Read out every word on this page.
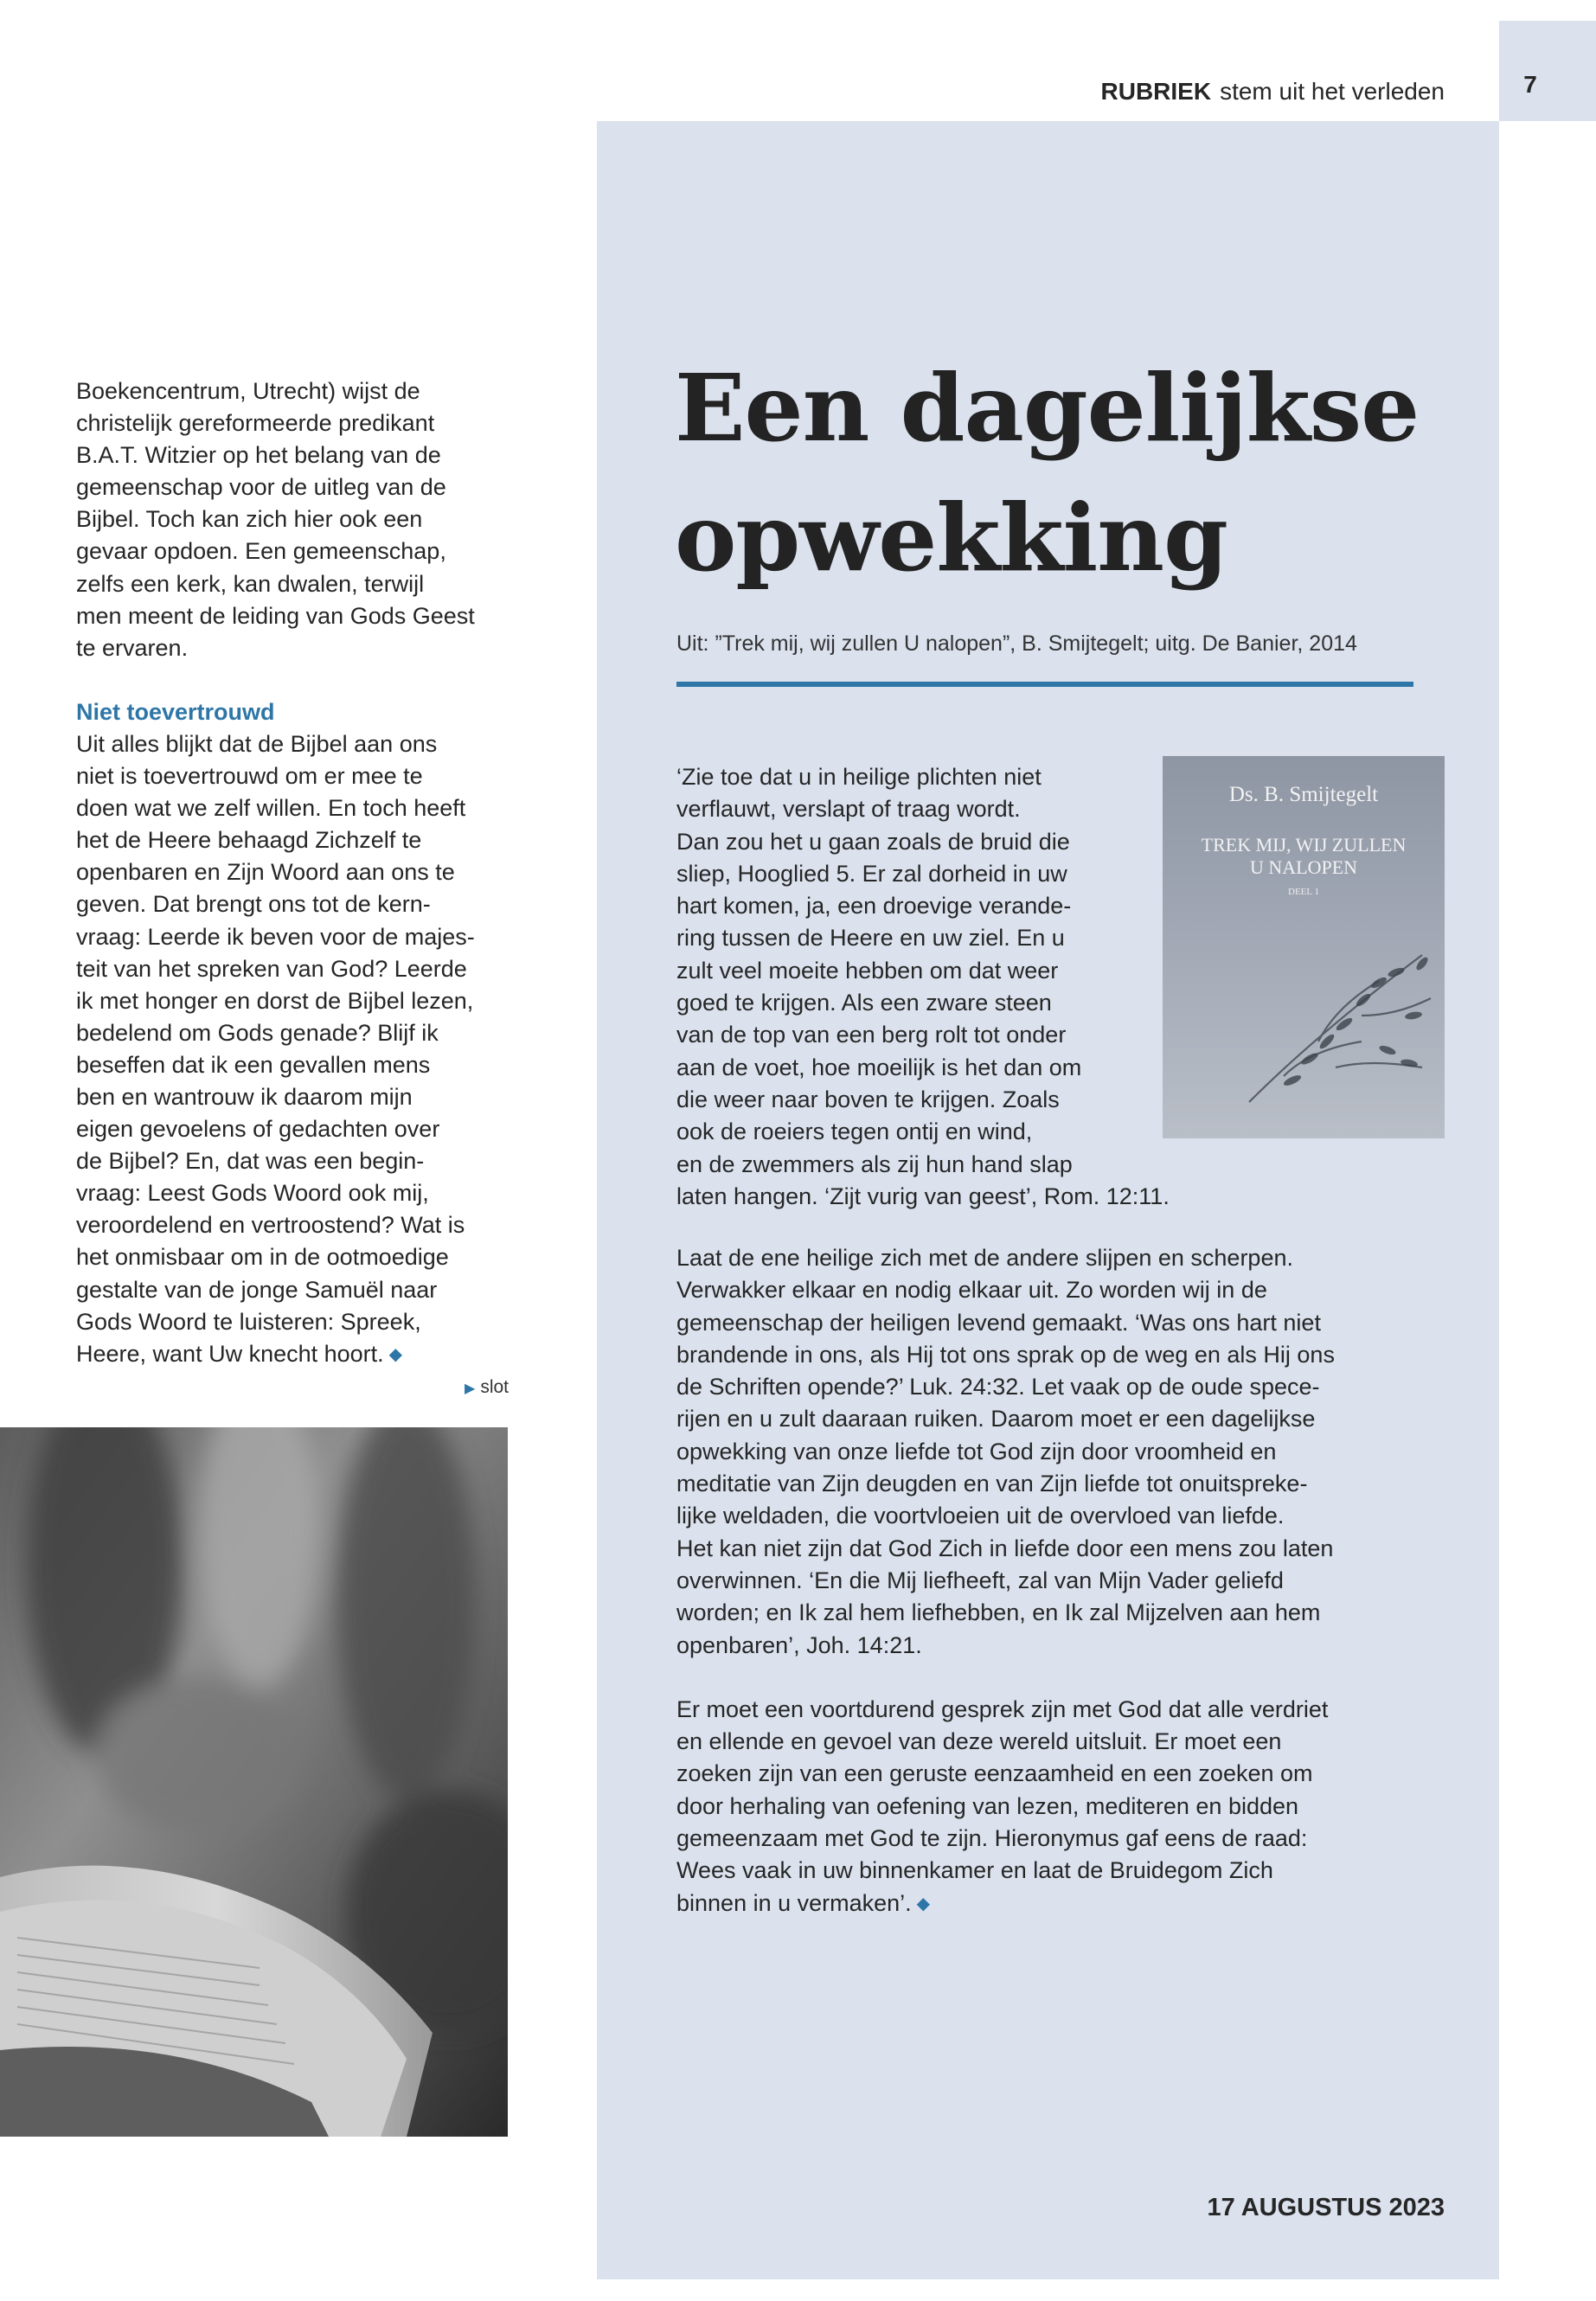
7
RUBRIEK stem uit het verleden

Boekencentrum, Utrecht) wijst de

christelijk gereformeerde predikant

B.A.T. Witzier op het belang van de

gemeenschap voor de uitleg van de

Bijbel. Toch kan zich hier ook een

gevaar opdoen. Een gemeenschap,

zelfs een kerk, kan dwalen, terwijl

men meent de leiding van Gods Geest

te ervaren.

Niet toevertrouwd

Uit alles blijkt dat de Bijbel aan ons

niet is toevertrouwd om er mee te

doen wat we zelf willen. En toch heeft

het de Heere behaagd Zichzelf te

openbaren en Zijn Woord aan ons te

geven. Dat brengt ons tot de kern-

vraag: Leerde ik beven voor de majes-

teit van het spreken van God? Leerde

ik met honger en dorst de Bijbel lezen,

bedelend om Gods genade? Blijf ik

beseffen dat ik een gevallen mens

ben en wantrouw ik daarom mijn

eigen gevoelens of gedachten over

de Bijbel? En, dat was een begin-

vraag: Leest Gods Woord ook mij,

veroordelend en vertroostend? Wat is

het onmisbaar om in de ootmoedige

gestalte van de jonge Samuël naar

Gods Woord te luisteren: Spreek,

Heere, want Uw knecht hoort. ◆

▶ slot
Een dagelijkse
opwekking
Uit: ”Trek mij, wij zullen U nalopen”, B. Smijtegelt; uitg. De Banier, 2014
Ds. B. Smijtegelt
TREK MIJ, WIJ ZULLEN
U NALOPEN
DEEL 1

‘Zie toe dat u in heilige plichten niet

verflauwt, verslapt of traag wordt.

Dan zou het u gaan zoals de bruid die

sliep, Hooglied 5. Er zal dorheid in uw

hart komen, ja, een droevige verande-

ring tussen de Heere en uw ziel. En u

zult veel moeite hebben om dat weer

goed te krijgen. Als een zware steen

van de top van een berg rolt tot onder

aan de voet, hoe moeilijk is het dan om

die weer naar boven te krijgen. Zoals

ook de roeiers tegen ontij en wind,

en de zwemmers als zij hun hand slap

laten hangen. ‘Zijt vurig van geest’, Rom. 12:11.

Laat de ene heilige zich met de andere slijpen en scherpen.
Verwakker elkaar en nodig elkaar uit. Zo worden wij in de
gemeenschap der heiligen levend gemaakt. ‘Was ons hart niet
brandende in ons, als Hij tot ons sprak op de weg en als Hij ons
de Schriften opende?’ Luk. 24:32. Let vaak op de oude spece-
rijen en u zult daaraan ruiken. Daarom moet er een dagelijkse
opwekking van onze liefde tot God zijn door vroomheid en
meditatie van Zijn deugden en van Zijn liefde tot onuitspreke-
lijke weldaden, die voortvloeien uit de overvloed van liefde.
Het kan niet zijn dat God Zich in liefde door een mens zou laten
overwinnen. ‘En die Mij liefheeft, zal van Mijn Vader geliefd
worden; en Ik zal hem liefhebben, en Ik zal Mijzelven aan hem
openbaren’, Joh. 14:21.

Er moet een voortdurend gesprek zijn met God dat alle verdriet
en ellende en gevoel van deze wereld uitsluit. Er moet een
zoeken zijn van een geruste eenzaamheid en een zoeken om
door herhaling van oefening van lezen, mediteren en bidden
gemeenzaam met God te zijn. Hieronymus gaf eens de raad:
Wees vaak in uw binnenkamer en laat de Bruidegom Zich
binnen in u vermaken’. ◆

17 AUGUSTUS 2023
